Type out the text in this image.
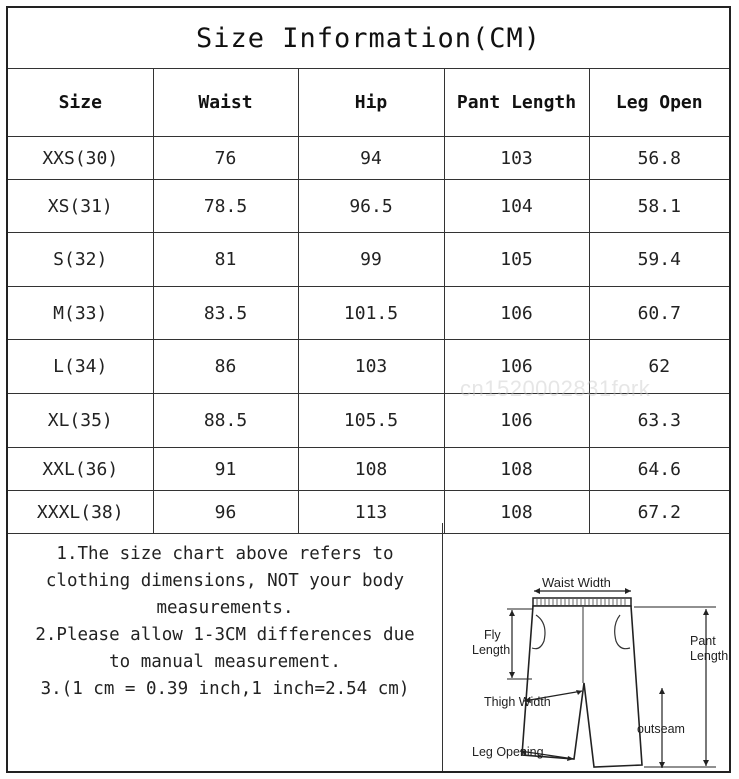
Size Information(CM)
Size	Waist	Hip	Pant Length	Leg Open
XXS(30)	76	94	103	56.8
XS(31)	78.5	96.5	104	58.1
S(32)	81	99	105	59.4
M(33)	83.5	101.5	106	60.7
L(34)	86	103	106	62
XL(35)	88.5	105.5	106	63.3
XXL(36)	91	108	108	64.6
XXXL(38)	96	113	108	67.2

1.The size chart above refers to

clothing dimensions, NOT your body

measurements.

2.Please allow 1-3CM differences due

to manual measurement.

3.(1 cm = 0.39 inch,1 inch=2.54 cm)

Waist Width
Fly
Length
Pant
Length
Thigh Width
outseam
Leg Opening
cn1520002831fork
